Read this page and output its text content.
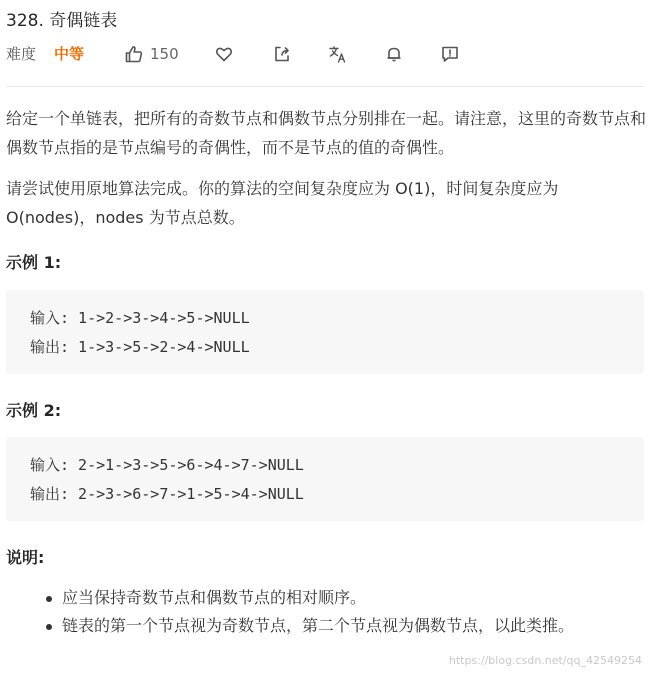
328. 奇偶链表
难度 中等	150
给定一个单链表，把所有的奇数节点和偶数节点分别排在一起。请注意，这里的奇数节点和偶数节点指的是节点编号的奇偶性，而不是节点的值的奇偶性。
请尝试使用原地算法完成。你的算法的空间复杂度应为 O(1)，时间复杂度应为 O(nodes)，nodes 为节点总数。
示例 1:
输入: 1->2->3->4->5->NULL
输出: 1->3->5->2->4->NULL
示例 2:
输入: 2->1->3->5->6->4->7->NULL
输出: 2->3->6->7->1->5->4->NULL
说明:
应当保持奇数节点和偶数节点的相对顺序。
链表的第一个节点视为奇数节点，第二个节点视为偶数节点，以此类推。
https://blog.csdn.net/qq_42549254
